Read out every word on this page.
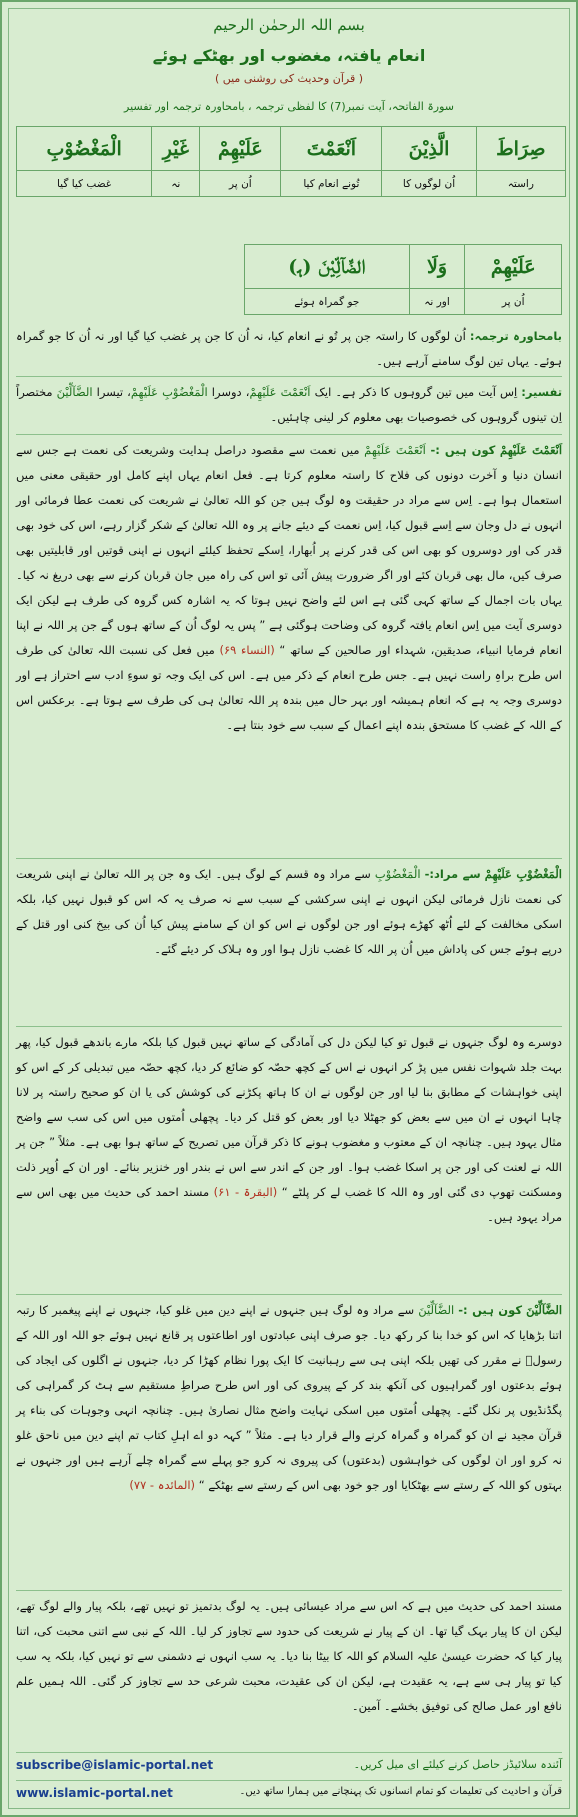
بسم اللہ الرحمٰن الرحیم
انعام یافتہ، مغضوب اور بھٹکے ہوئے
( قرآن وحدیث کی روشنی میں )
سورۃ الفاتحہ، آیت نمبر(7) کا لفظی ترجمہ ، بامحاورہ ترجمہ اور تفسیر
صِرَاطَ	الَّذِيْنَ	اَنْعَمْتَ	عَلَيْهِمْ	غَيْرِ	الْمَغْضُوْبِ
راستہ	اُن لوگوں کا	تُونے انعام کیا	اُن پر	نہ	غضب کیا گیا
عَلَيْهِمْ	وَلَا	الضَّآلِّيْنَ (ﮨ)
اُن پر	اور نہ	جو گمراہ ہوئے
بامحاورہ ترجمہ: اُن لوگوں کا راستہ جن پر تُو نے انعام کیا، نہ اُن کا جن پر غضب کیا گیا اور نہ اُن کا جو گمراہ ہوئے۔ یہاں تین لوگ سامنے آرہے ہیں۔
تفسیر: اِس آیت میں تین گروہوں کا ذکر ہے۔ ایک اَنْعَمْتَ عَلَيْهِمْ، دوسرا الْمَغْضُوْبِ عَلَيْهِمْ، تیسرا الضَّآلِّيْنَ مختصراً اِن تینوں گروہوں کی خصوصیات بھی معلوم کر لینی چاہئیں۔
اَنْعَمْتَ عَلَيْهِمْ کون ہیں :- اَنْعَمْتَ عَلَيْهِمْ میں نعمت سے مقصود دراصل ہدایت وشریعت کی نعمت ہے جس سے انسان دنیا و آخرت دونوں کی فلاح کا راستہ معلوم کرتا ہے۔ فعل انعام یہاں اپنے کامل اور حقیقی معنی میں استعمال ہوا ہے۔ اِس سے مراد در حقیقت وہ لوگ ہیں جن کو اللہ تعالیٰ نے شریعت کی نعمت عطا فرمائی اور انہوں نے دل وجان سے اِسے قبول کیا، اِس نعمت کے دیئے جانے پر وہ اللہ تعالیٰ کے شکر گزار رہے، اس کی خود بھی قدر کی اور دوسروں کو بھی اس کی قدر کرنے پر اُبھارا، اِسکے تحفظ کیلئے انہوں نے اپنی قوتیں اور قابلیتیں بھی صرف کیں، مال بھی قربان کئے اور اگر ضرورت پیش آئی تو اس کی راہ میں جان قربان کرنے سے بھی دریغ نہ کیا۔ یہاں بات اجمال کے ساتھ کہی گئی ہے اس لئے واضح نہیں ہوتا کہ یہ اشارہ کس گروہ کی طرف ہے لیکن ایک دوسری آیت میں اِس انعام یافتہ گروہ کی وضاحت ہوگئی ہے ” پس یہ لوگ اُن کے ساتھ ہوں گے جن پر اللہ نے اپنا انعام فرمایا انبیاء، صدیقین، شہداء اور صالحین کے ساتھ “ (النساء ۶۹) میں فعل کی نسبت اللہ تعالیٰ کی طرف اس طرح براہِ راست نہیں ہے۔ جس طرح انعام کے ذکر میں ہے۔ اس کی ایک وجہ تو سوءِ ادب سے احتراز ہے اور دوسری وجہ یہ ہے کہ انعام ہمیشہ اور بہر حال میں بندہ پر اللہ تعالیٰ ہی کی طرف سے ہوتا ہے۔ برعکس اس کے اللہ کے غضب کا مستحق بندہ اپنے اعمال کے سبب سے خود بنتا ہے۔
الْمَغْضُوْبِ عَلَيْهِمْ سے مراد:- الْمَغْضُوْبِ سے مراد وہ قسم کے لوگ ہیں۔ ایک وہ جن پر اللہ تعالیٰ نے اپنی شریعت کی نعمت نازل فرمائی لیکن انہوں نے اپنی سرکشی کے سبب سے نہ صرف یہ کہ اس کو قبول نہیں کیا، بلکہ اسکی مخالفت کے لئے اُٹھ کھڑے ہوئے اور جن لوگوں نے اس کو ان کے سامنے پیش کیا اُن کی بیخ کنی اور قتل کے درپے ہوئے جس کی پاداش میں اُن پر اللہ کا غضب نازل ہوا اور وہ ہلاک کر دیئے گئے۔
دوسرے وہ لوگ جنہوں نے قبول تو کیا لیکن دل کی آمادگی کے ساتھ نہیں قبول کیا بلکہ مارے باندھے قبول کیا، پھر بہت جلد شہوات نفس میں پڑ کر انہوں نے اس کے کچھ حصّہ کو ضائع کر دیا، کچھ حصّہ میں تبدیلی کر کے اس کو اپنی خواہشات کے مطابق بنا لیا اور جن لوگوں نے ان کا ہاتھ پکڑنے کی کوشش کی یا ان کو صحیح راستہ پر لانا چاہا انہوں نے ان میں سے بعض کو جھٹلا دیا اور بعض کو قتل کر دیا۔ پچھلی اُمتوں میں اس کی سب سے واضح مثال یہود ہیں۔ چنانچہ ان کے معتوب و مغضوب ہونے کا ذکر قرآن میں تصریح کے ساتھ ہوا بھی ہے۔ مثلاً ” جن پر اللہ نے لعنت کی اور جن پر اسکا غضب ہوا۔ اور جن کے اندر سے اس نے بندر اور خنزیر بنائے۔ اور ان کے اُوپر ذلت ومسکنت تھوپ دی گئی اور وہ اللہ کا غضب لے کر پلٹے “ (البقرۃ - ۶۱) مسند احمد کی حدیث میں بھی اس سے مراد یہود ہیں۔
الضَّآلِّيْنَ کون ہیں :- الضَّآلِّيْنَ سے مراد وہ لوگ ہیں جنہوں نے اپنے دین میں غلو کیا، جنہوں نے اپنے پیغمبر کا رتبہ اتنا بڑھایا کہ اس کو خدا بنا کر رکھ دیا۔ جو صرف اپنی عبادتوں اور اطاعتوں پر قانع نہیں ہوئے جو اللہ اور اللہ کے رسولؐ نے مقرر کی تھیں بلکہ اپنی ہی سے رہبانیت کا ایک پورا نظام کھڑا کر دیا، جنہوں نے اگلوں کی ایجاد کی ہوئے بدعتوں اور گمراہیوں کی آنکھ بند کر کے پیروی کی اور اس طرح صراطِ مستقیم سے ہٹ کر گمراہی کی پگڈنڈیوں پر نکل گئے۔ پچھلی اُمتوں میں اسکی نہایت واضح مثال نصاریٰ ہیں۔ چنانچہ انہی وجوہات کی بناء پر قرآن مجید نے ان کو گمراہ و گمراہ کرنے والے قرار دیا ہے۔ مثلاً ” کہہ دو اے اہلِ کتاب تم اپنے دین میں ناحق غلو نہ کرو اور ان لوگوں کی خواہشوں (بدعتوں) کی پیروی نہ کرو جو پہلے سے گمراہ چلے آرہے ہیں اور جنہوں نے بہتوں کو اللہ کے رستے سے بھٹکایا اور جو خود بھی اس کے رستے سے بھٹکے “ (المائدہ - ۷۷)
مسند احمد کی حدیث میں ہے کہ اس سے مراد عیسائی ہیں۔ یہ لوگ بدتمیز تو نہیں تھے، بلکہ پیار والے لوگ تھے، لیکن ان کا پیار بہک گیا تھا۔ ان کے پیار نے شریعت کی حدود سے تجاوز کر لیا۔ اللہ کے نبی سے اتنی محبت کی، اتنا پیار کیا کہ حضرت عیسیٰ علیہ السلام کو اللہ کا بیٹا بنا دیا۔ یہ سب انہوں نے دشمنی سے تو نہیں کیا، بلکہ یہ سب کیا تو پیار ہی سے ہے، یہ عقیدت ہے، لیکن ان کی عقیدت، محبت شرعی حد سے تجاوز کر گئی۔ اللہ ہمیں علم نافع اور عمل صالح کی توفیق بخشے۔ آمین۔
subscribe@islamic-portal.net	آئندہ سلائیڈز حاصل کرنے کیلئے ای میل کریں۔
www.islamic-portal.net	قرآن و احادیث کی تعلیمات کو تمام انسانوں تک پہنچانے میں ہمارا ساتھ دیں۔
